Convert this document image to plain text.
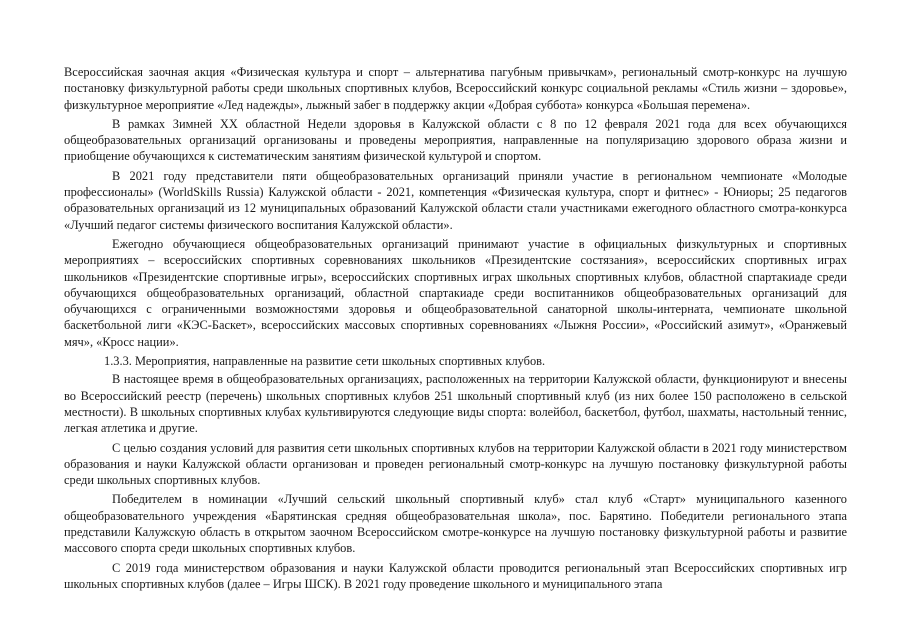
Всероссийская заочная акция «Физическая культура и спорт – альтернатива пагубным привычкам», региональный смотр-конкурс на лучшую постановку физкультурной работы среди школьных спортивных клубов, Всероссийский конкурс социальной рекламы «Стиль жизни – здоровье», физкультурное мероприятие «Лед надежды», лыжный забег в поддержку акции «Добрая суббота» конкурса «Большая перемена».

В рамках Зимней XX областной Недели здоровья в Калужской области с 8 по 12 февраля 2021 года для всех обучающихся общеобразовательных организаций организованы и проведены мероприятия, направленные на популяризацию здорового образа жизни и приобщение обучающихся к систематическим занятиям физической культурой и спортом.

В 2021 году представители пяти общеобразовательных организаций приняли участие в региональном чемпионате «Молодые профессионалы» (WorldSkills Russia) Калужской области - 2021, компетенция «Физическая культура, спорт и фитнес» - Юниоры; 25 педагогов образовательных организаций из 12 муниципальных образований Калужской области стали участниками ежегодного областного смотра-конкурса «Лучший педагог системы физического воспитания Калужской области».

Ежегодно обучающиеся общеобразовательных организаций принимают участие в официальных физкультурных и спортивных мероприятиях – всероссийских спортивных соревнованиях школьников «Президентские состязания», всероссийских спортивных играх школьников «Президентские спортивные игры», всероссийских спортивных играх школьных спортивных клубов, областной спартакиаде среди обучающихся общеобразовательных организаций, областной спартакиаде среди воспитанников общеобразовательных организаций для обучающихся с ограниченными возможностями здоровья и общеобразовательной санаторной школы-интерната, чемпионате школьной баскетбольной лиги «КЭС-Баскет», всероссийских массовых спортивных соревнованиях «Лыжня России», «Российский азимут», «Оранжевый мяч», «Кросс нации».

1.3.3. Мероприятия, направленные на развитие сети школьных спортивных клубов.

В настоящее время в общеобразовательных организациях, расположенных на территории Калужской области, функционируют и внесены во Всероссийский реестр (перечень) школьных спортивных клубов 251 школьный спортивный клуб (из них более 150 расположено в сельской местности). В школьных спортивных клубах культивируются следующие виды спорта: волейбол, баскетбол, футбол, шахматы, настольный теннис, легкая атлетика и другие.

С целью создания условий для развития сети школьных спортивных клубов на территории Калужской области в 2021 году министерством образования и науки Калужской области организован и проведен региональный смотр-конкурс на лучшую постановку физкультурной работы среди школьных спортивных клубов.

Победителем в номинации «Лучший сельский школьный спортивный клуб» стал клуб «Старт» муниципального казенного общеобразовательного учреждения «Барятинская средняя общеобразовательная школа», пос. Барятино. Победители регионального этапа представили Калужскую область в открытом заочном Всероссийском смотре-конкурсе на лучшую постановку физкультурной работы и развитие массового спорта среди школьных спортивных клубов.

С 2019 года министерством образования и науки Калужской области проводится региональный этап Всероссийских спортивных игр школьных спортивных клубов (далее – Игры ШСК). В 2021 году проведение школьного и муниципального этапа
